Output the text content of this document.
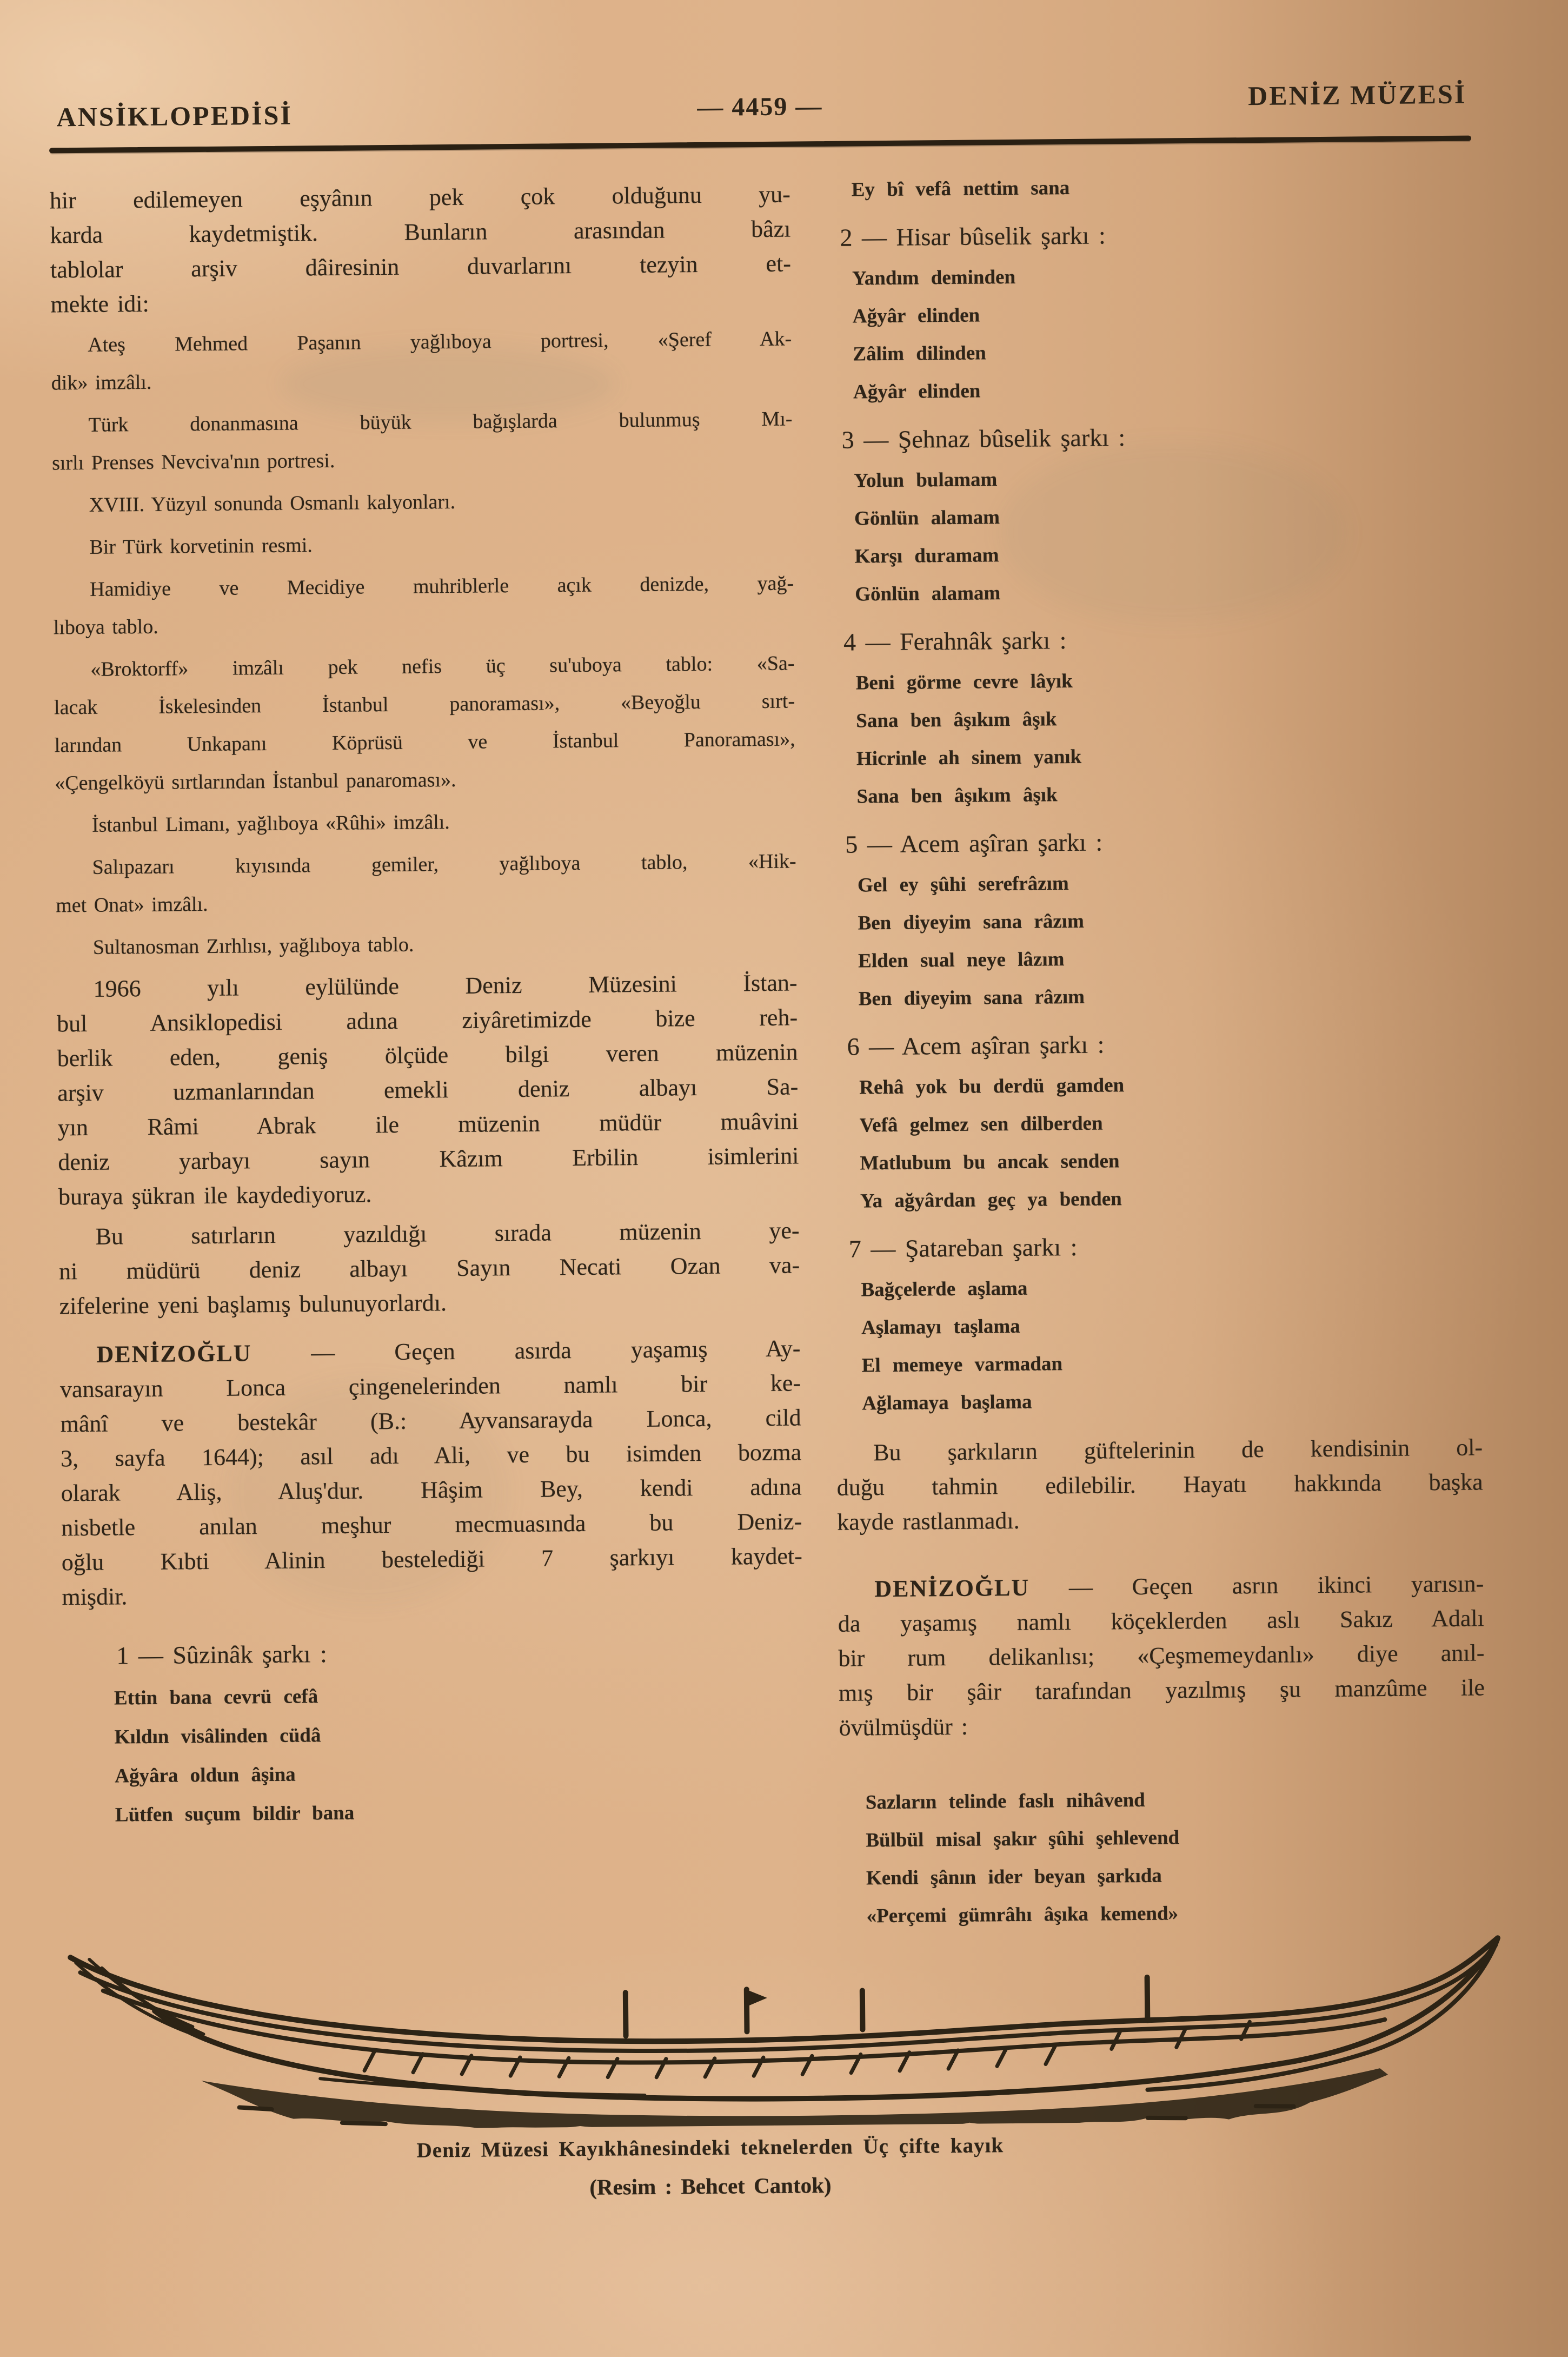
ANSİKLOPEDİSİ	— 4459 —	DENİZ MÜZESİ
hir edilemeyen eşyânın pek çok olduğunu yu-
karda kaydetmiştik. Bunların arasından bâzı
tablolar arşiv dâiresinin duvarlarını tezyin et-
mekte idi:
Ateş Mehmed Paşanın yağlıboya portresi, «Şeref Ak-
dik» imzâlı.
Türk donanmasına büyük bağışlarda bulunmuş Mı-
sırlı Prenses Nevciva'nın portresi.
XVIII. Yüzyıl sonunda Osmanlı kalyonları.
Bir Türk korvetinin resmi.
Hamidiye ve Mecidiye muhriblerle açık denizde, yağ-
lıboya tablo.
«Broktorff» imzâlı pek nefis üç su'uboya tablo: «Sa-
lacak İskelesinden İstanbul panoraması», «Beyoğlu sırt-
larından Unkapanı Köprüsü ve İstanbul Panoraması»,
«Çengelköyü sırtlarından İstanbul panaroması».
İstanbul Limanı, yağlıboya «Rûhi» imzâlı.
Salıpazarı kıyısında gemiler, yağlıboya tablo, «Hik-
met Onat» imzâlı.
Sultanosman Zırhlısı, yağlıboya tablo.
1966 yılı eylülünde Deniz Müzesini İstan-
bul Ansiklopedisi adına ziyâretimizde bize reh-
berlik eden, geniş ölçüde bilgi veren müzenin
arşiv uzmanlarından emekli deniz albayı Sa-
yın Râmi Abrak ile müzenin müdür muâvini
deniz yarbayı sayın Kâzım Erbilin isimlerini
buraya şükran ile kaydediyoruz.
Bu satırların yazıldığı sırada müzenin ye-
ni müdürü deniz albayı Sayın Necati Ozan va-
zifelerine yeni başlamış bulunuyorlardı.
DENİZOĞLU — Geçen asırda yaşamış Ay-
vansarayın Lonca çingenelerinden namlı bir ke-
mânî ve bestekâr (B.: Ayvansarayda Lonca, cild
3, sayfa 1644); asıl adı Ali, ve bu isimden bozma
olarak Aliş, Aluş'dur. Hâşim Bey, kendi adına
nisbetle anılan meşhur mecmuasında bu Deniz-
oğlu Kıbti Alinin bestelediği 7 şarkıyı kaydet-
mişdir.
1 — Sûzinâk şarkı :
Ettin bana cevrü cefâ
Kıldın visâlinden cüdâ
Ağyâra oldun âşina
Lütfen suçum bildir bana
Ey bî vefâ nettim sana
2 — Hisar bûselik şarkı :
Yandım deminden
Ağyâr elinden
Zâlim dilinden
Ağyâr elinden
3 — Şehnaz bûselik şarkı :
Yolun bulamam
Gönlün alamam
Karşı duramam
Gönlün alamam
4 — Ferahnâk şarkı :
Beni görme cevre lâyık
Sana ben âşıkım âşık
Hicrinle ah sinem yanık
Sana ben âşıkım âşık
5 — Acem aşîran şarkı :
Gel ey şûhi serefrâzım
Ben diyeyim sana râzım
Elden sual neye lâzım
Ben diyeyim sana râzım
6 — Acem aşîran şarkı :
Rehâ yok bu derdü gamden
Vefâ gelmez sen dilberden
Matlubum bu ancak senden
Ya ağyârdan geç ya benden
7 — Şatareban şarkı :
Bağçelerde aşlama
Aşlamayı taşlama
El memeye varmadan
Ağlamaya başlama
Bu şarkıların güftelerinin de kendisinin ol-
duğu tahmin edilebilir. Hayatı hakkında başka
kayde rastlanmadı.
DENİZOĞLU — Geçen asrın ikinci yarısın-
da yaşamış namlı köçeklerden aslı Sakız Adalı
bir rum delikanlısı; «Çeşmemeydanlı» diye anıl-
mış bir şâir tarafından yazılmış şu manzûme ile
övülmüşdür :
Sazların telinde faslı nihâvend
Bülbül misal şakır şûhi şehlevend
Kendi şânın ider beyan şarkıda
«Perçemi gümrâhı âşıka kemend»
Deniz Müzesi Kayıkhânesindeki teknelerden Üç çifte kayık
(Resim : Behcet Cantok)
